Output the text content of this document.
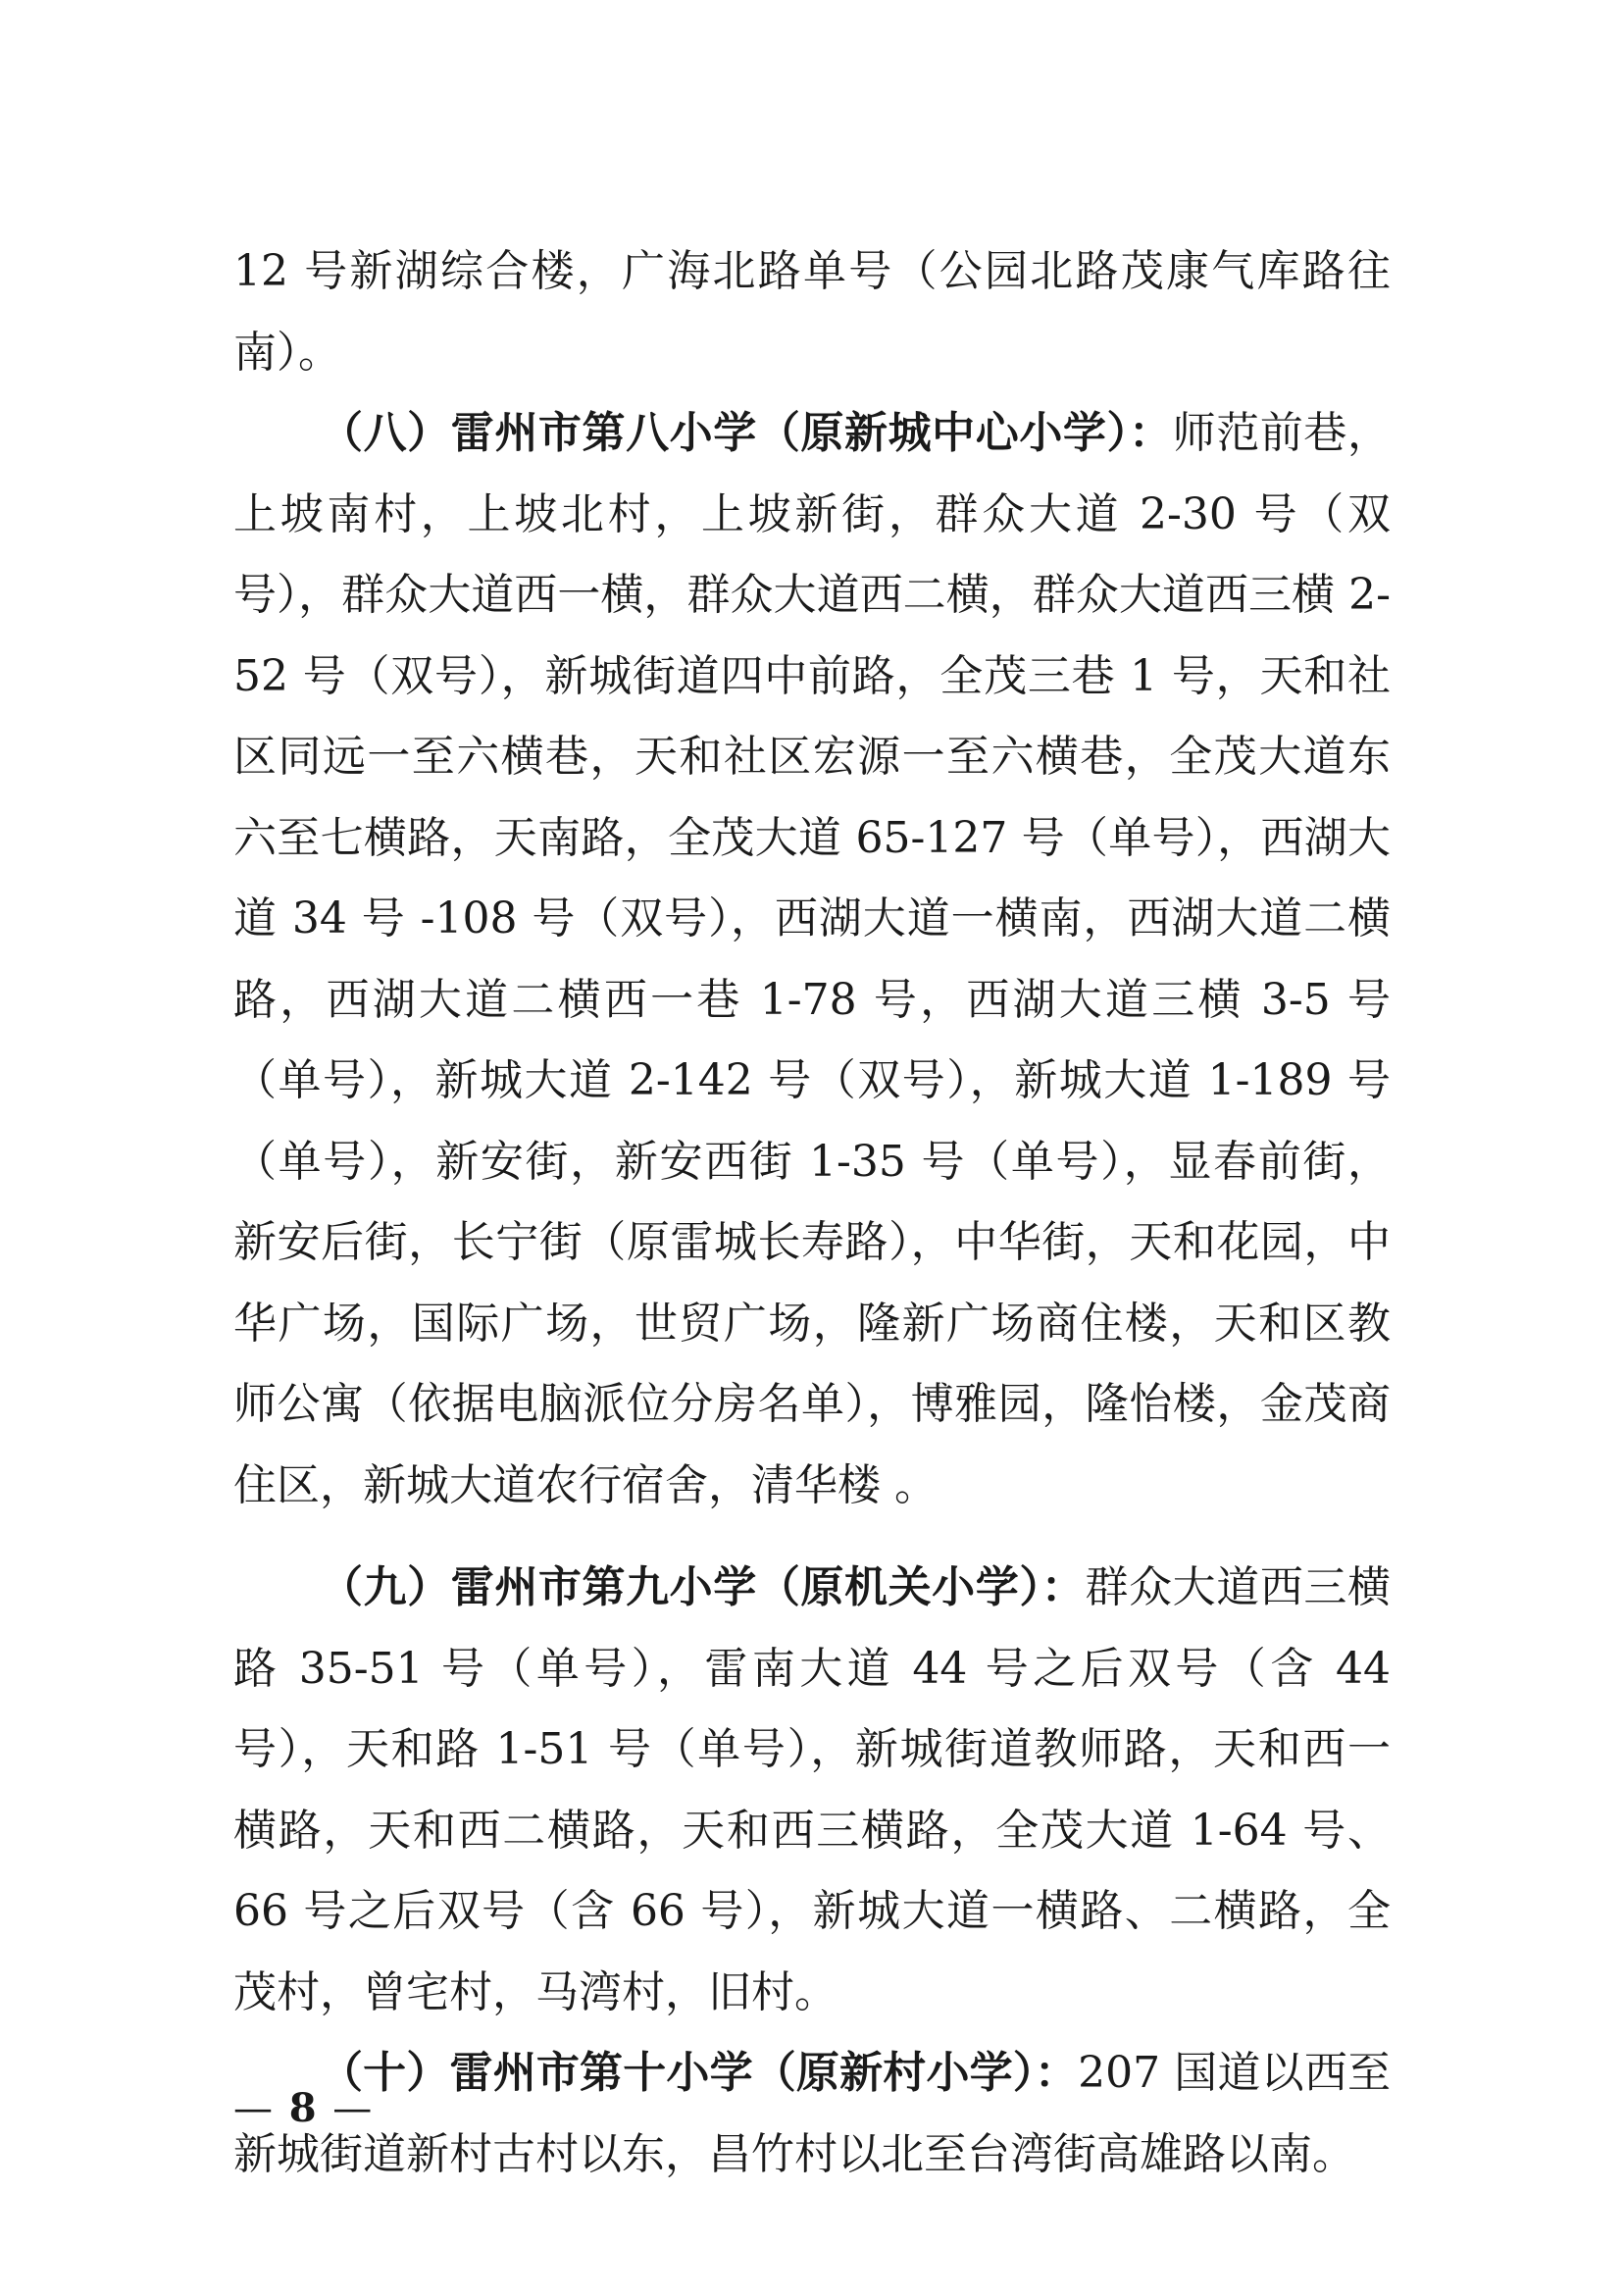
12 号新湖综合楼，广海北路单号（公园北路茂康气库路往南）。

（八）雷州市第八小学（原新城中心小学）：师范前巷，上坡南村，上坡北村，上坡新街，群众大道 2-30 号（双号），群众大道西一横，群众大道西二横，群众大道西三横 2-52 号（双号），新城街道四中前路，全茂三巷 1 号，天和社区同远一至六横巷，天和社区宏源一至六横巷，全茂大道东六至七横路，天南路，全茂大道 65-127 号（单号），西湖大道 34 号 -108 号（双号），西湖大道一横南，西湖大道二横路，西湖大道二横西一巷 1-78 号，西湖大道三横 3-5 号（单号），新城大道 2-142 号（双号），新城大道 1-189 号（单号），新安街，新安西街 1-35 号（单号），显春前街，新安后街，长宁街（原雷城长寿路），中华街，天和花园，中华广场，国际广场，世贸广场，隆新广场商住楼，天和区教师公寓（依据电脑派位分房名单），博雅园，隆怡楼，金茂商住区，新城大道农行宿舍，清华楼 。

（九）雷州市第九小学（原机关小学）：群众大道西三横路 35-51 号（单号），雷南大道 44 号之后双号（含 44 号），天和路 1-51 号（单号），新城街道教师路，天和西一横路，天和西二横路，天和西三横路，全茂大道 1-64 号、66 号之后双号（含 66 号），新城大道一横路、二横路，全茂村，曾宅村，马湾村，旧村。

（十）雷州市第十小学（原新村小学）：207 国道以西至新城街道新村古村以东，昌竹村以北至台湾街高雄路以南。

— 8 —
